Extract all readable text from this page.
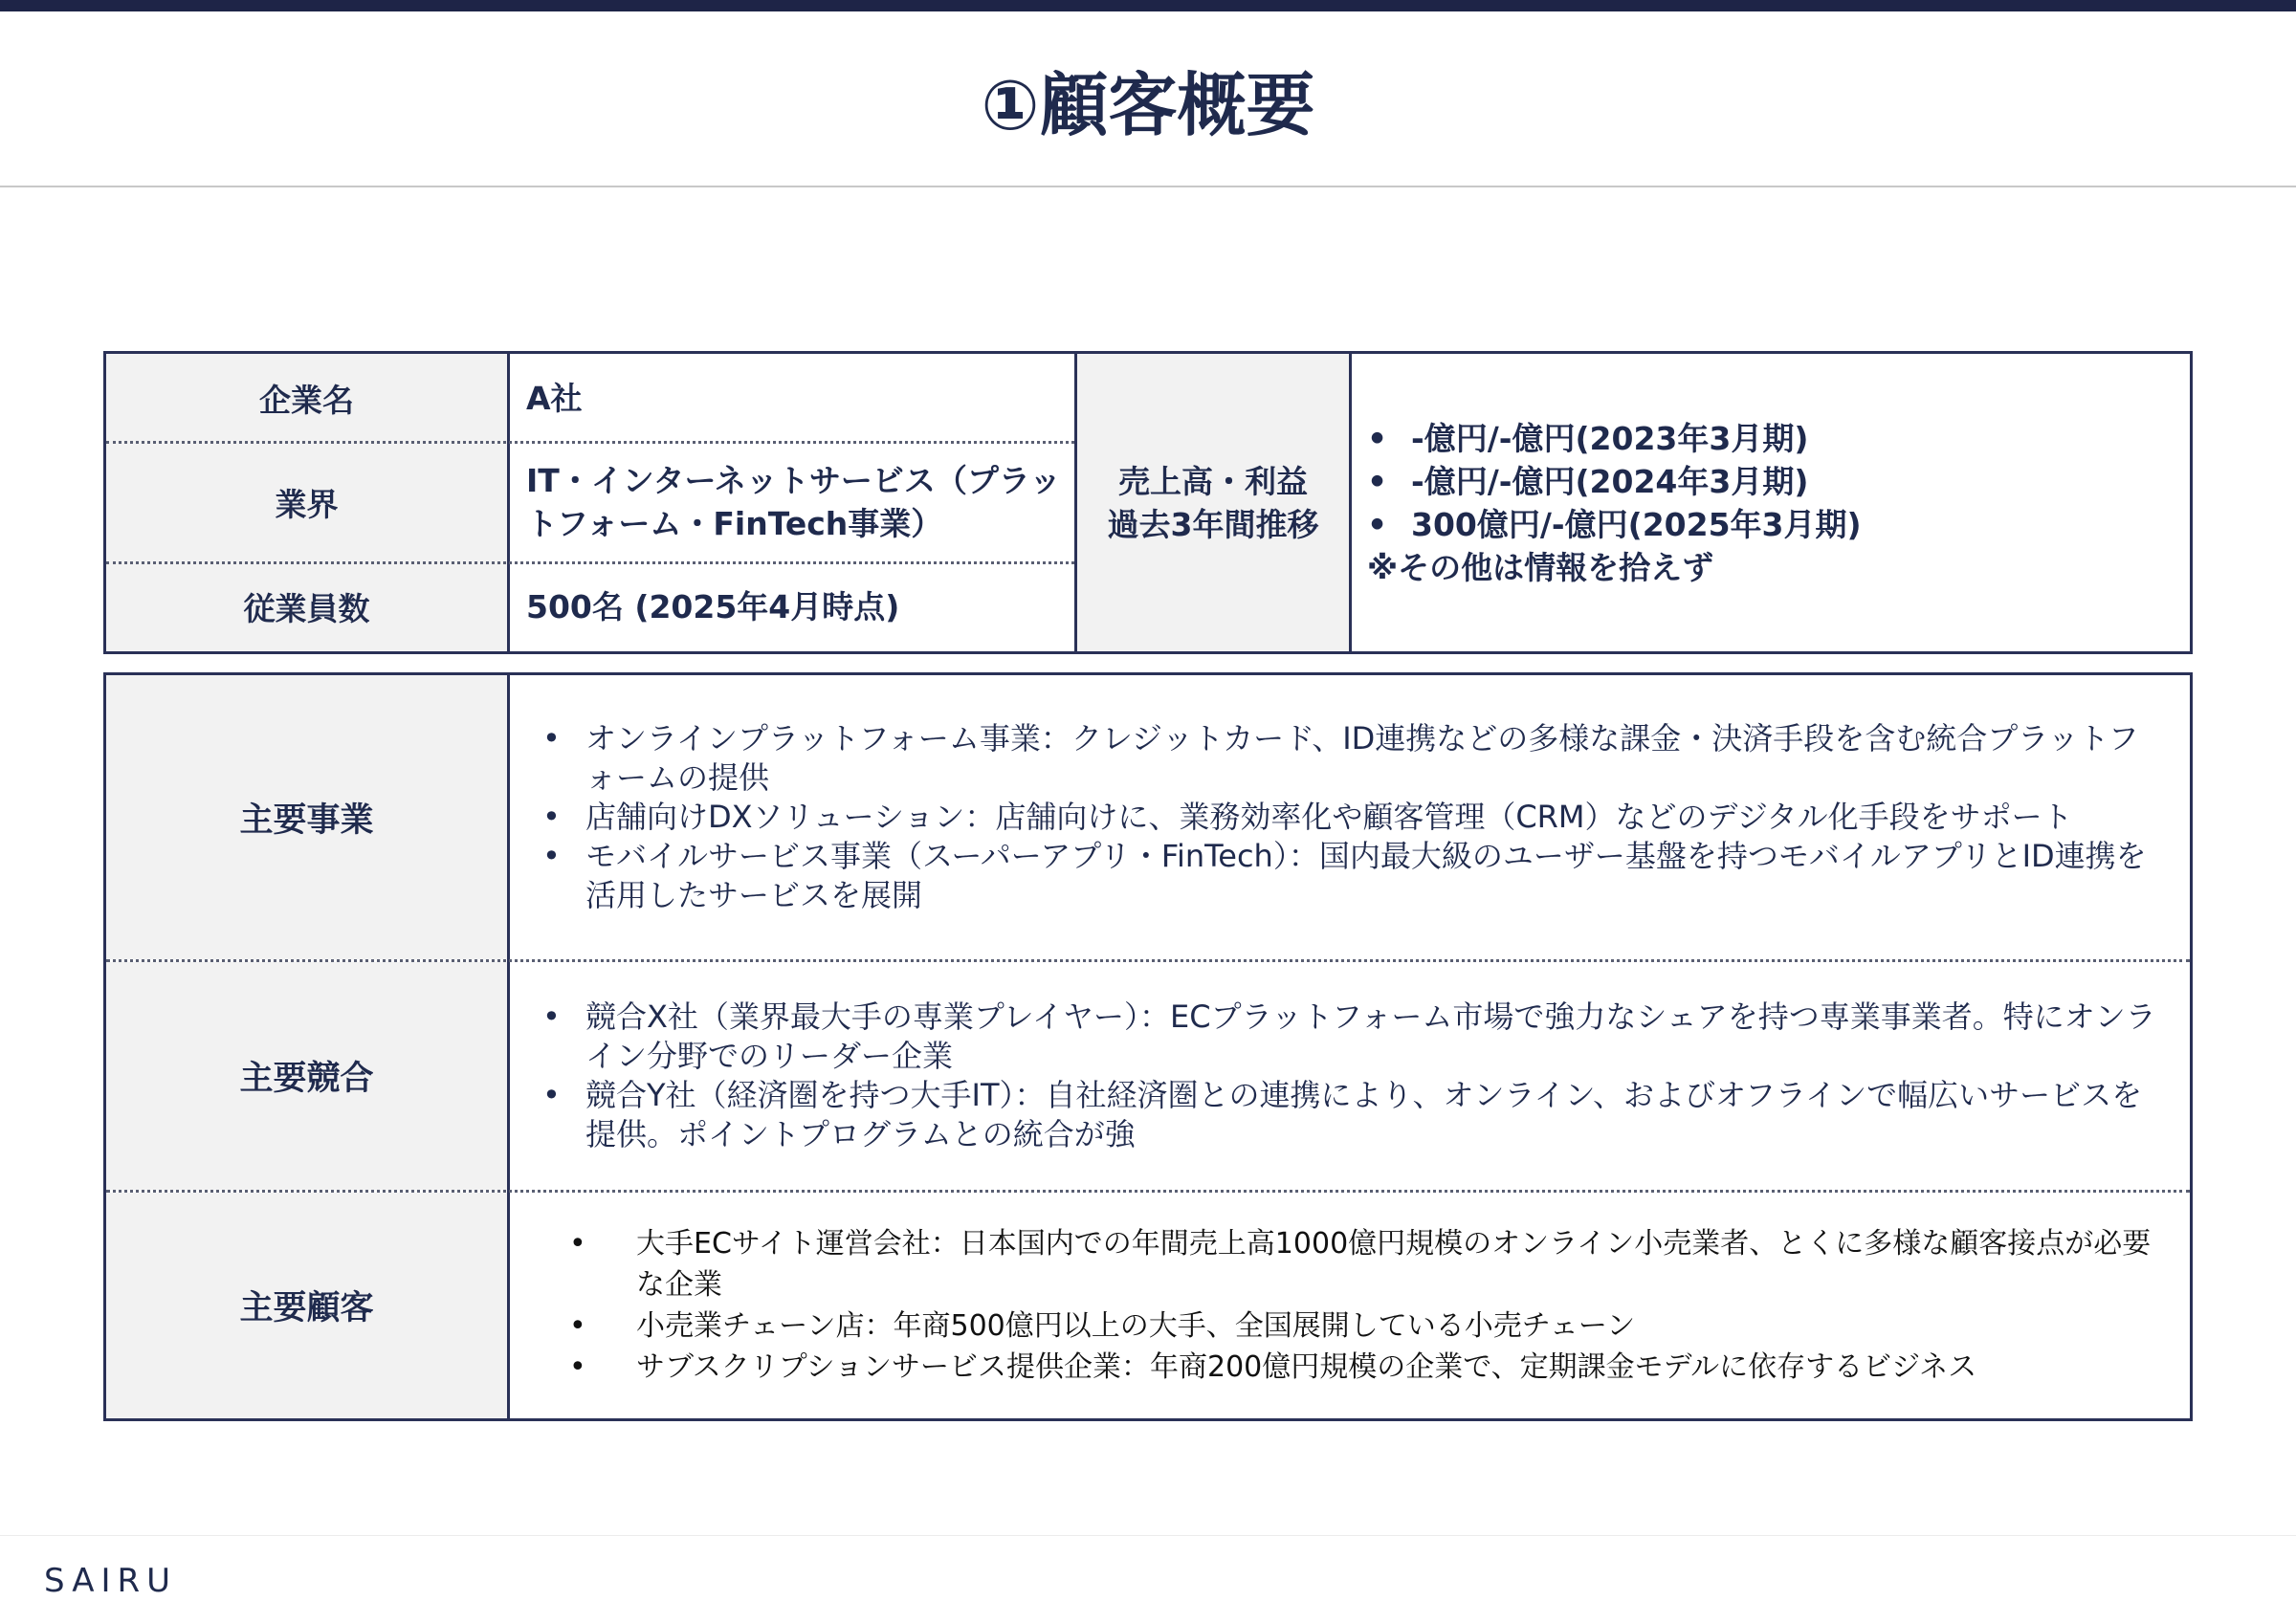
①顧客概要
企業名
業界
従業員数
A社
IT・インターネットサービス（プラットフォーム・FinTech事業）
500名 (2025年4月時点)
売上高・利益
過去3年間推移
• -億円/-億円(2023年3月期)
• -億円/-億円(2024年3月期)
• 300億円/-億円(2025年3月期)
※その他は情報を拾えず
主要事業
• オンラインプラットフォーム事業：クレジットカード、ID連携などの多様な課金・決済手段を含む統合プラットフォームの提供
• 店舗向けDXソリューション：店舗向けに、業務効率化や顧客管理（CRM）などのデジタル化手段をサポート
• モバイルサービス事業（スーパーアプリ・FinTech）：国内最大級のユーザー基盤を持つモバイルアプリとID連携を活用したサービスを展開
主要競合
• 競合X社（業界最大手の専業プレイヤー）：ECプラットフォーム市場で強力なシェアを持つ専業事業者。特にオンライン分野でのリーダー企業
• 競合Y社（経済圏を持つ大手IT）：自社経済圏との連携により、オンライン、およびオフラインで幅広いサービスを提供。ポイントプログラムとの統合が強
主要顧客
• 大手ECサイト運営会社：日本国内での年間売上高1000億円規模のオンライン小売業者、とくに多様な顧客接点が必要な企業
• 小売業チェーン店：年商500億円以上の大手、全国展開している小売チェーン
• サブスクリプションサービス提供企業：年商200億円規模の企業で、定期課金モデルに依存するビジネス
SAIRU
